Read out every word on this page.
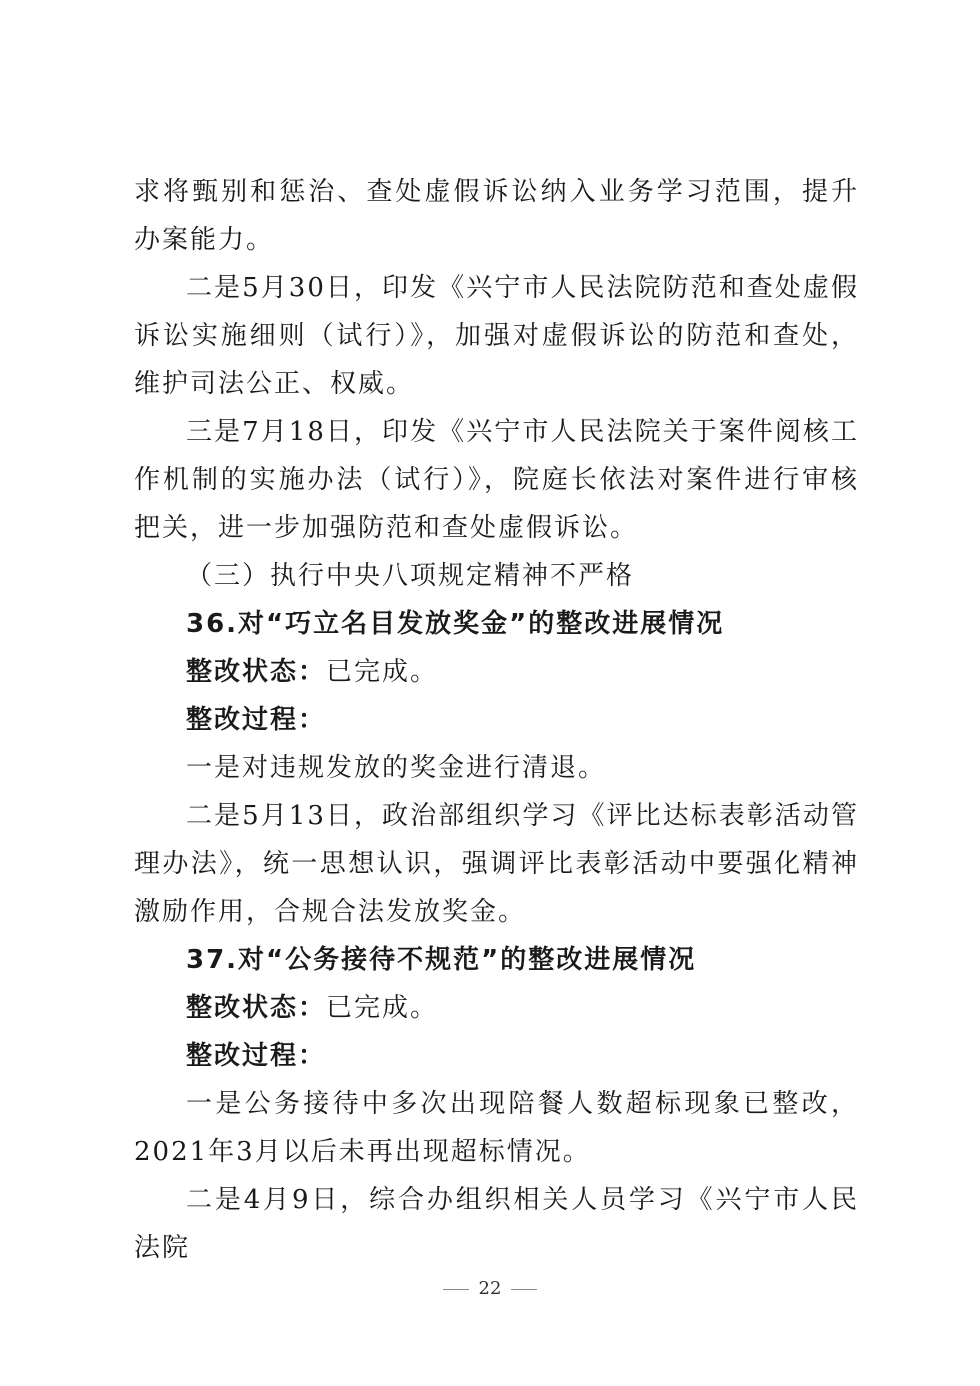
求将甄别和惩治、查处虚假诉讼纳入业务学习范围，提升办案能力。

二是5月30日，印发《兴宁市人民法院防范和查处虚假诉讼实施细则（试行）》，加强对虚假诉讼的防范和查处，维护司法公正、权威。

三是7月18日，印发《兴宁市人民法院关于案件阅核工作机制的实施办法（试行）》，院庭长依法对案件进行审核把关，进一步加强防范和查处虚假诉讼。

（三）执行中央八项规定精神不严格

36.对“巧立名目发放奖金”的整改进展情况

整改状态：已完成。

整改过程：

一是对违规发放的奖金进行清退。

二是5月13日，政治部组织学习《评比达标表彰活动管理办法》，统一思想认识，强调评比表彰活动中要强化精神激励作用，合规合法发放奖金。

37.对“公务接待不规范”的整改进展情况

整改状态：已完成。

整改过程：

一是公务接待中多次出现陪餐人数超标现象已整改，2021年3月以后未再出现超标情况。

二是4月9日，综合办组织相关人员学习《兴宁市人民法院

22
